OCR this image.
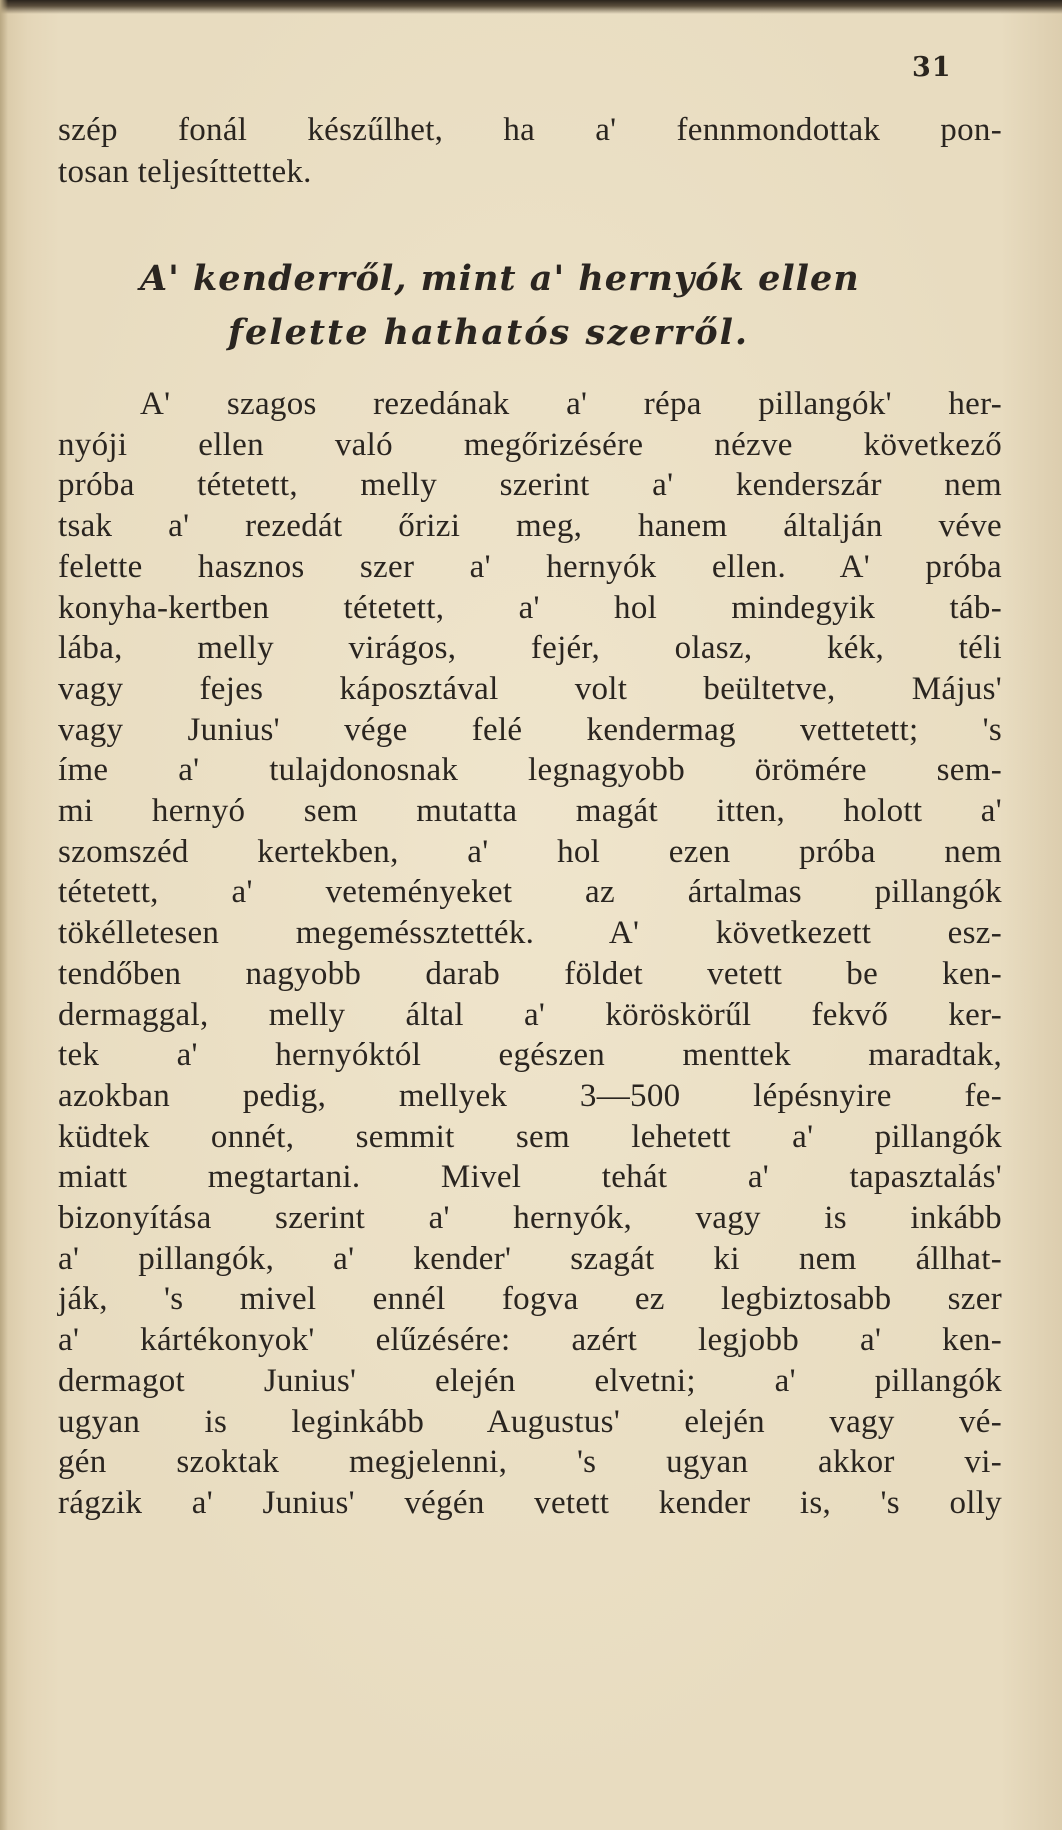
31
szép fonál készűlhet, ha a' fennmondottak pon-
tosan teljesíttettek.
A' kenderről, mint a' hernyók ellen
felette hathatós szerről.
A' szagos rezedának a' répa pillangók' her-
nyóji ellen való megőrizésére nézve következő
próba tétetett, melly szerint a' kenderszár nem
tsak a' rezedát őrizi meg, hanem általján véve
felette hasznos szer a' hernyók ellen. A' próba
konyha-kertben tétetett, a' hol mindegyik táb-
lába, melly virágos, fejér, olasz, kék, téli
vagy fejes káposztával volt beültetve, Május'
vagy Junius' vége felé kendermag vettetett; 's
íme a' tulajdonosnak legnagyobb örömére sem-
mi hernyó sem mutatta magát itten, holott a'
szomszéd kertekben, a' hol ezen próba nem
tétetett, a' veteményeket az ártalmas pillangók
tökélletesen megeméssztették. A' következett esz-
tendőben nagyobb darab földet vetett be ken-
dermaggal, melly által a' köröskörűl fekvő ker-
tek a' hernyóktól egészen menttek maradtak,
azokban pedig, mellyek 3—500 lépésnyire fe-
küdtek onnét, semmit sem lehetett a' pillangók
miatt megtartani. Mivel tehát a' tapasztalás'
bizonyítása szerint a' hernyók, vagy is inkább
a' pillangók, a' kender' szagát ki nem állhat-
ják, 's mivel ennél fogva ez legbiztosabb szer
a' kártékonyok' elűzésére: azért legjobb a' ken-
dermagot Junius' elején elvetni; a' pillangók
ugyan is leginkább Augustus' elején vagy vé-
gén szoktak megjelenni, 's ugyan akkor vi-
rágzik a' Junius' végén vetett kender is, 's olly
